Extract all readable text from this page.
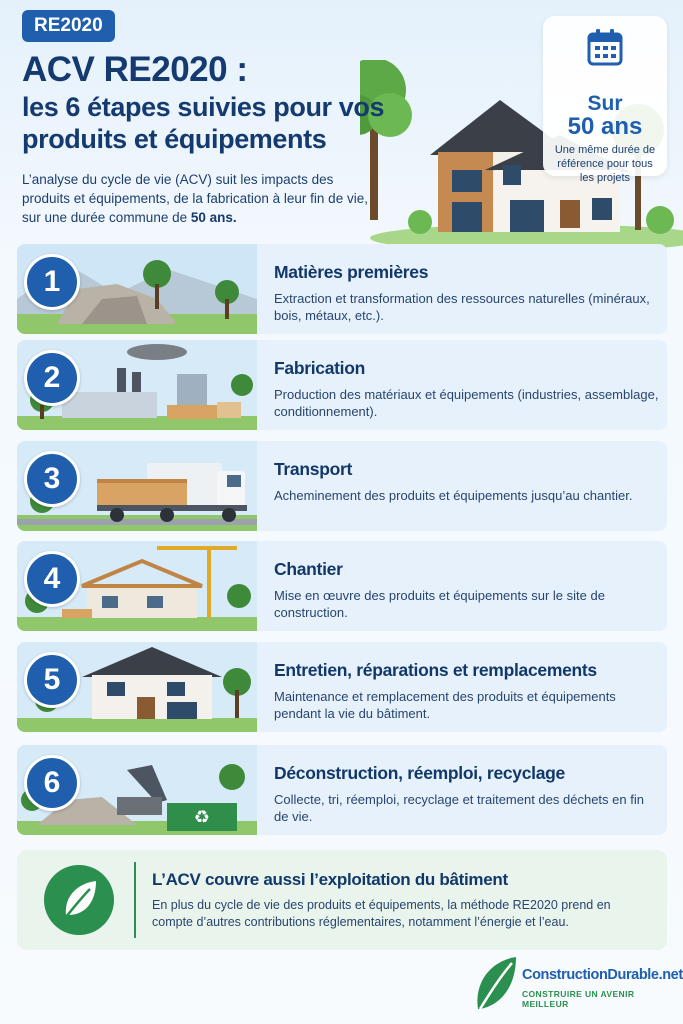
RE2020
ACV RE2020 :
les 6 étapes suivies pour vos produits et équipements
L’analyse du cycle de vie (ACV) suit les impacts des produits et équipements, de la fabrication à leur fin de vie, sur une durée commune de 50 ans.
Sur
50 ans
Une même durée de référence pour tous les projets
1	Matières premières
Extraction et transformation des ressources naturelles (minéraux, bois, métaux, etc.).
2	Fabrication
Production des matériaux et équipements (industries, assemblage, conditionnement).
3	Transport
Acheminement des produits et équipements jusqu’au chantier.
4	Chantier
Mise en œuvre des produits et équipements sur le site de construction.
5	Entretien, réparations et remplacements
Maintenance et remplacement des produits et équipements pendant la vie du bâtiment.
♻
6	Déconstruction, réemploi, recyclage
Collecte, tri, réemploi, recyclage et traitement des déchets en fin de vie.
L’ACV couvre aussi l’exploitation du bâtiment
En plus du cycle de vie des produits et équipements, la méthode RE2020 prend en compte d’autres contributions réglementaires, notamment l’énergie et l’eau.
ConstructionDurable.net
CONSTRUIRE UN AVENIR MEILLEUR
